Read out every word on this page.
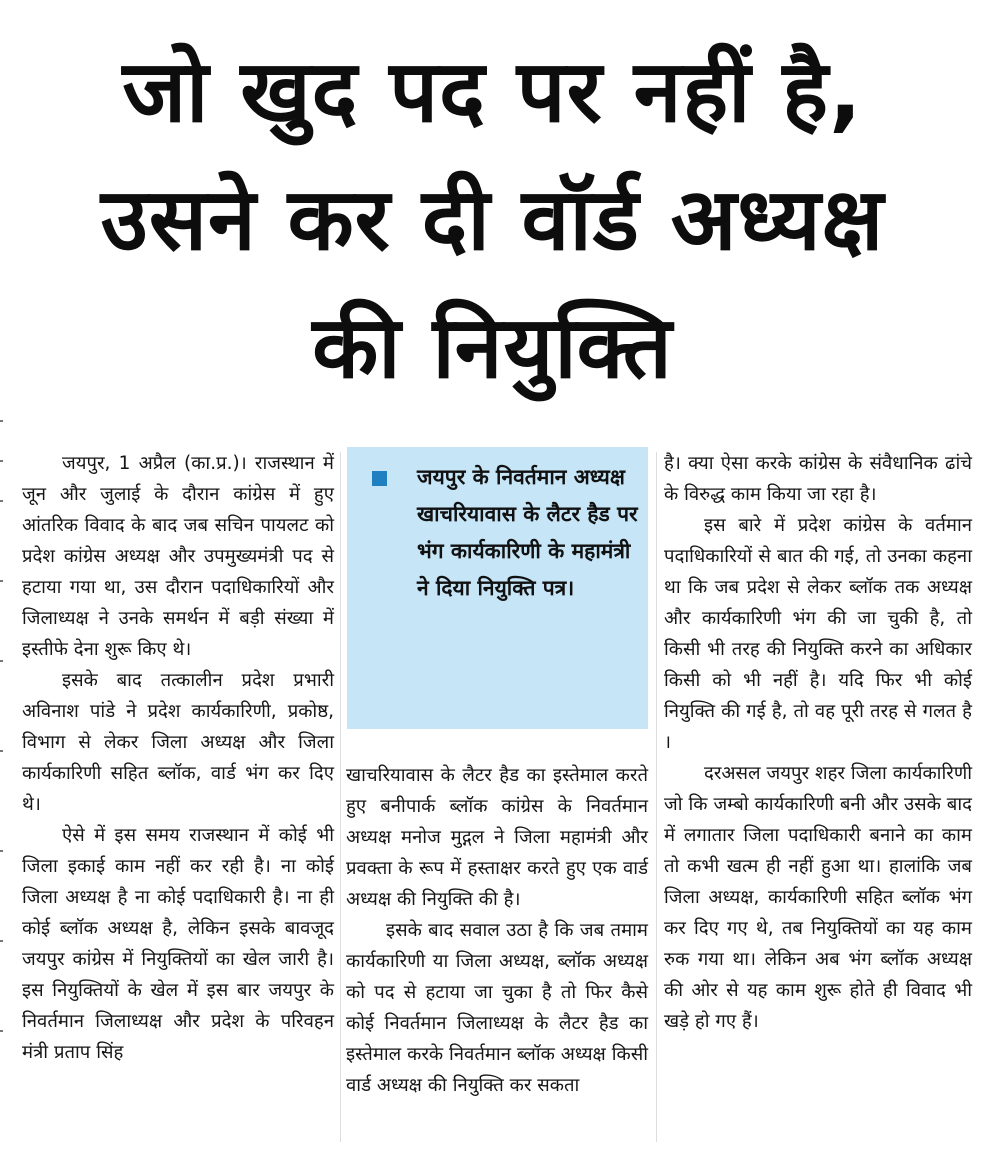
जो खुद पद पर नहीं है,
उसने कर दी वॉर्ड अध्यक्ष
की नियुक्ति

जयपुर, 1 अप्रैल (का.प्र.)। राजस्थान में जून और जुलाई के दौरान कांग्रेस में हुए आंतरिक विवाद के बाद जब सचिन पायलट को प्रदेश कांग्रेस अध्यक्ष और उपमुख्यमंत्री पद से हटाया गया था, उस दौरान पदाधिकारियों और जिलाध्यक्ष ने उनके समर्थन में बड़ी संख्या में इस्तीफे देना शुरू किए थे।

इसके बाद तत्कालीन प्रदेश प्रभारी अविनाश पांडे ने प्रदेश कार्यकारिणी, प्रकोष्ठ, विभाग से लेकर जिला अध्यक्ष और जिला कार्यकारिणी सहित ब्लॉक, वार्ड भंग कर दिए थे।

ऐसे में इस समय राजस्थान में कोई भी जिला इकाई काम नहीं कर रही है। ना कोई जिला अध्यक्ष है ना कोई पदाधिकारी है। ना ही कोई ब्लॉक अध्यक्ष है, लेकिन इसके बावजूद जयपुर कांग्रेस में नियुक्तियों का खेल जारी है। इस नियुक्तियों के खेल में इस बार जयपुर के निवर्तमान जिलाध्यक्ष और प्रदेश के परिवहन मंत्री प्रताप सिंह

जयपुर के निवर्तमान अध्यक्ष खाचरियावास के लैटर हैड पर भंग कार्यकारिणी के महामंत्री ने दिया नियुक्ति पत्र।

खाचरियावास के लैटर हैड का इस्तेमाल करते हुए बनीपार्क ब्लॉक कांग्रेस के निवर्तमान अध्यक्ष मनोज मुद्गल ने जिला महामंत्री और प्रवक्ता के रूप में हस्ताक्षर करते हुए एक वार्ड अध्यक्ष की नियुक्ति की है।

इसके बाद सवाल उठा है कि जब तमाम कार्यकारिणी या जिला अध्यक्ष, ब्लॉक अध्यक्ष को पद से हटाया जा चुका है तो फिर कैसे कोई निवर्तमान जिलाध्यक्ष के लैटर हैड का इस्तेमाल करके निवर्तमान ब्लॉक अध्यक्ष किसी वार्ड अध्यक्ष की नियुक्ति कर सकता

है। क्या ऐसा करके कांग्रेस के संवैधानिक ढांचे के विरुद्ध काम किया जा रहा है।

इस बारे में प्रदेश कांग्रेस के वर्तमान पदाधिकारियों से बात की गई, तो उनका कहना था कि जब प्रदेश से लेकर ब्लॉक तक अध्यक्ष और कार्यकारिणी भंग की जा चुकी है, तो किसी भी तरह की नियुक्ति करने का अधिकार किसी को भी नहीं है। यदि फिर भी कोई नियुक्ति की गई है, तो वह पूरी तरह से गलत है ।

दरअसल जयपुर शहर जिला कार्यकारिणी जो कि जम्बो कार्यकारिणी बनी और उसके बाद में लगातार जिला पदाधिकारी बनाने का काम तो कभी खत्म ही नहीं हुआ था। हालांकि जब जिला अध्यक्ष, कार्यकारिणी सहित ब्लॉक भंग कर दिए गए थे, तब नियुक्तियों का यह काम रुक गया था। लेकिन अब भंग ब्लॉक अध्यक्ष की ओर से यह काम शुरू होते ही विवाद भी खड़े हो गए हैं।
